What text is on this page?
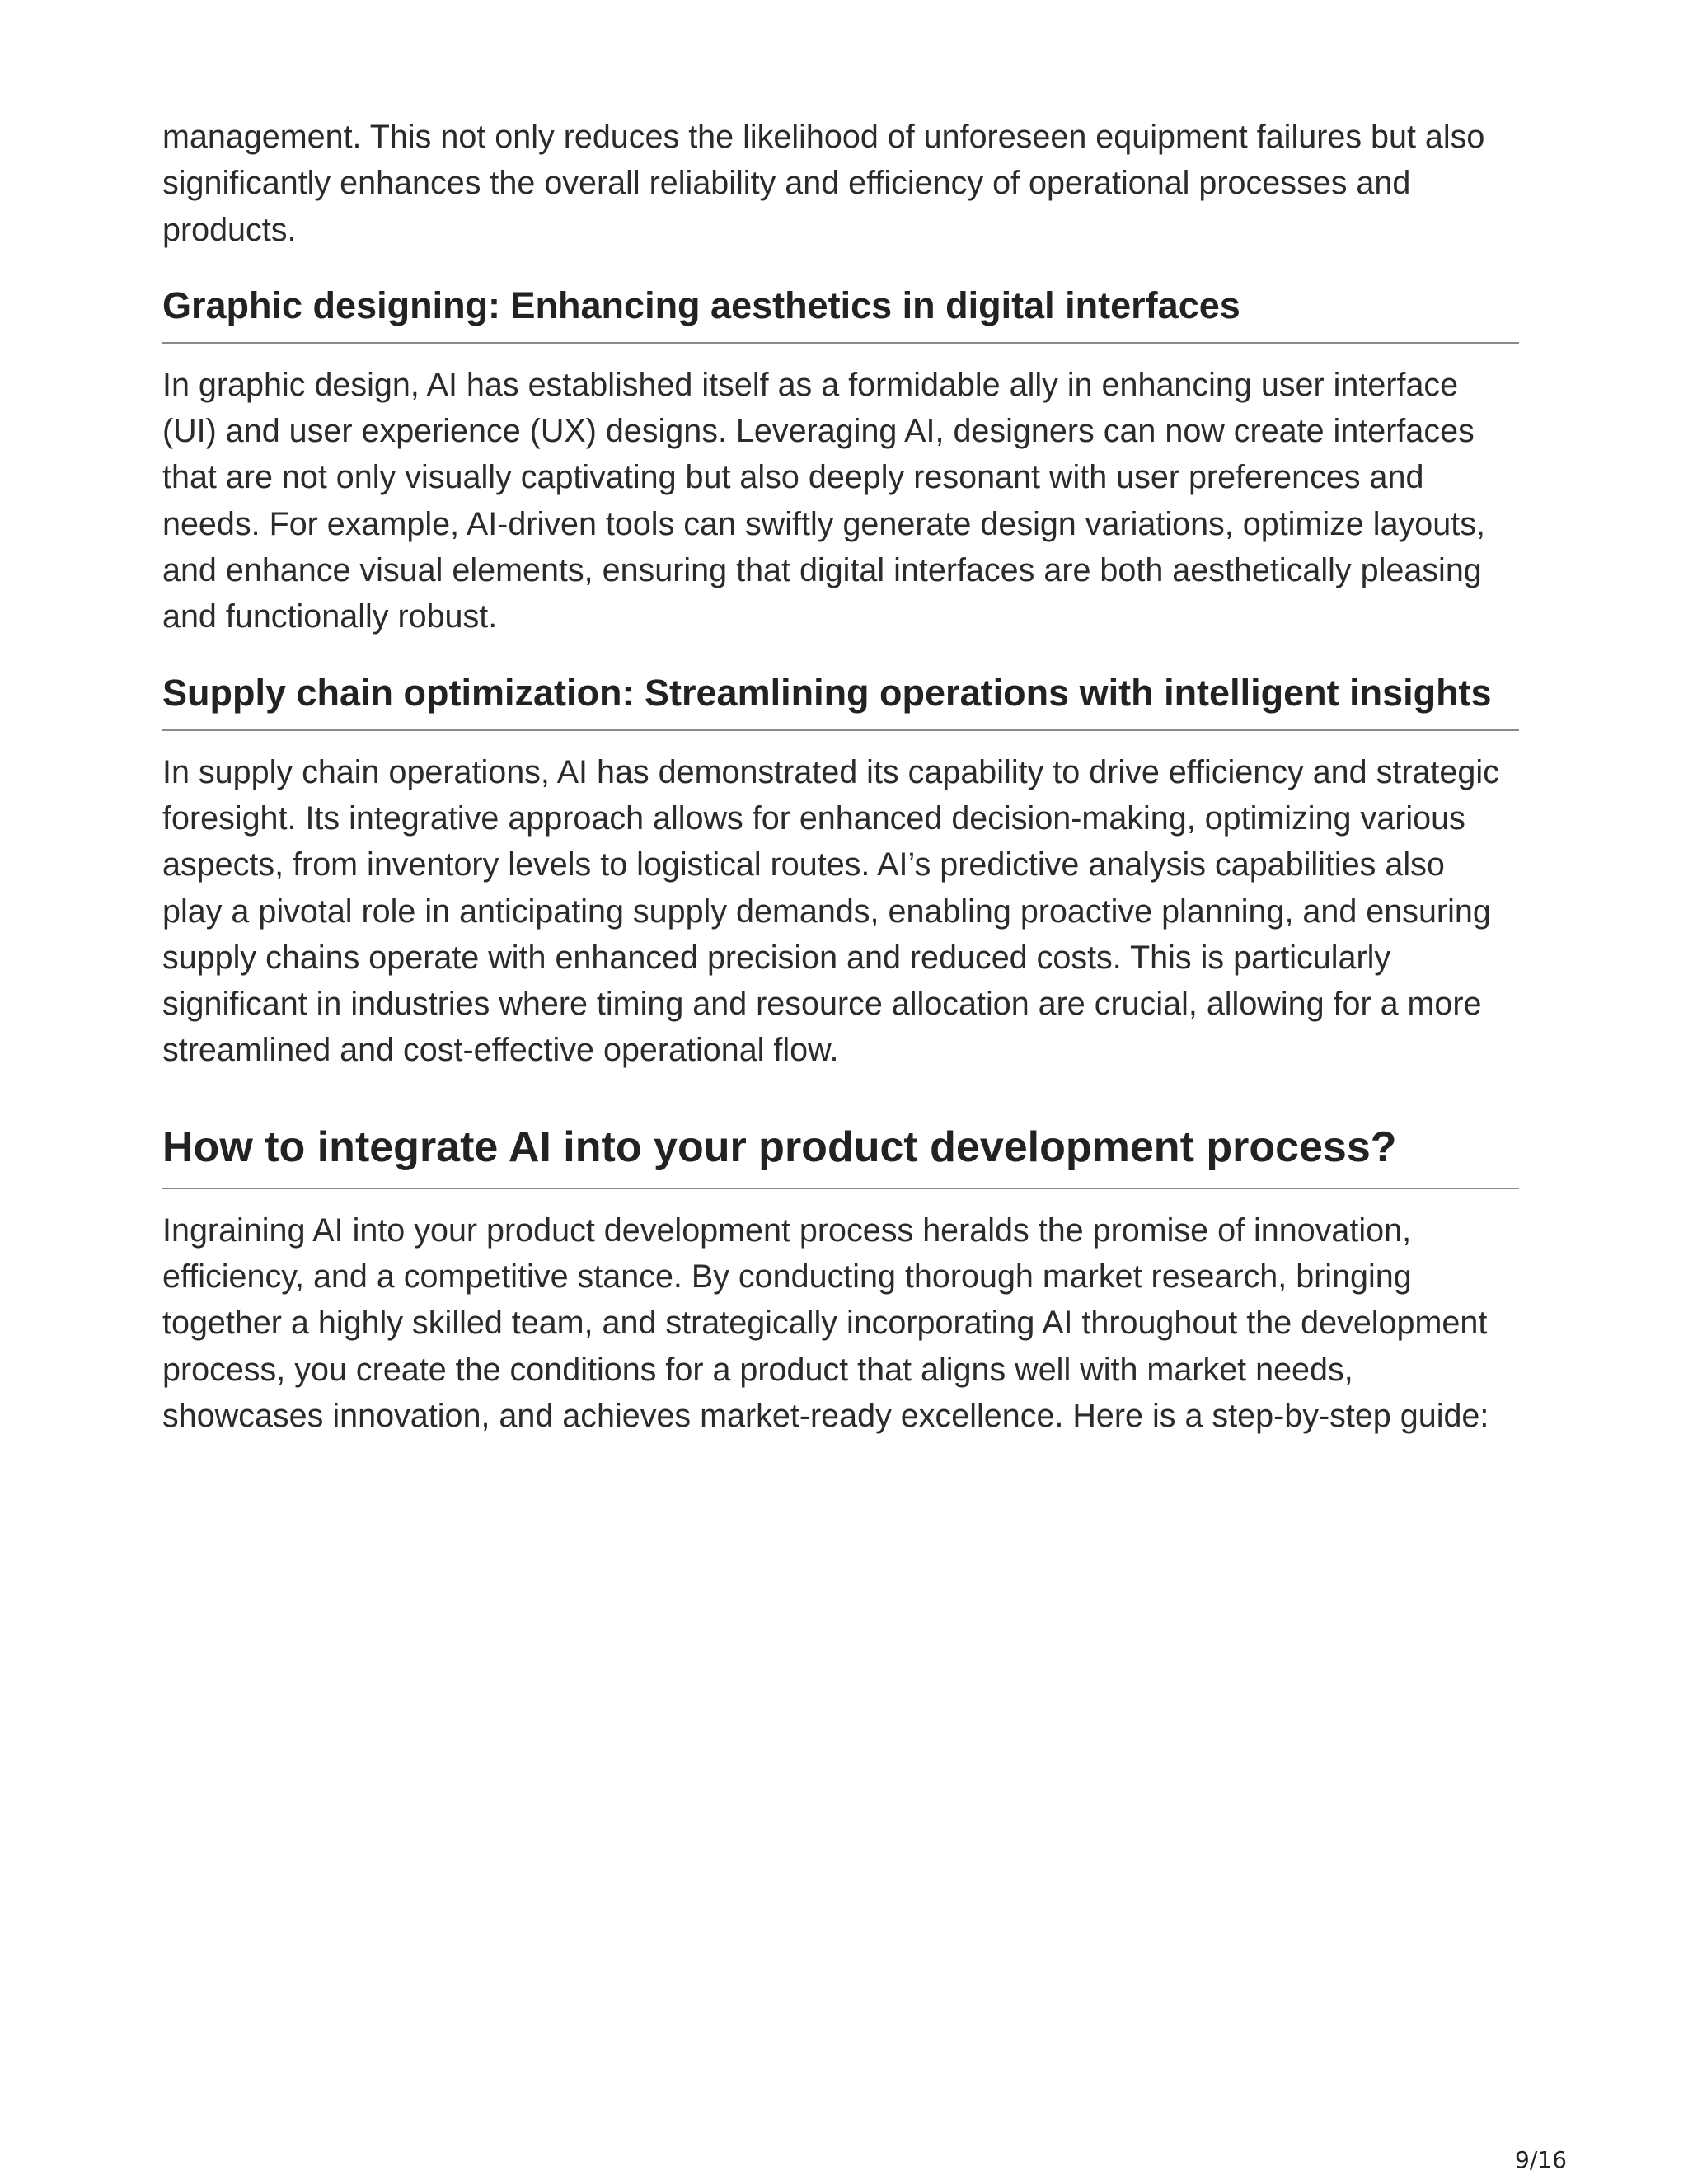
management. This not only reduces the likelihood of unforeseen equipment failures but also
significantly enhances the overall reliability and efficiency of operational processes and
products.

Graphic designing: Enhancing aesthetics in digital interfaces

In graphic design, AI has established itself as a formidable ally in enhancing user interface
(UI) and user experience (UX) designs. Leveraging AI, designers can now create interfaces
that are not only visually captivating but also deeply resonant with user preferences and
needs. For example, AI-driven tools can swiftly generate design variations, optimize layouts,
and enhance visual elements, ensuring that digital interfaces are both aesthetically pleasing
and functionally robust.

Supply chain optimization: Streamlining operations with intelligent insights

In supply chain operations, AI has demonstrated its capability to drive efficiency and strategic
foresight. Its integrative approach allows for enhanced decision-making, optimizing various
aspects, from inventory levels to logistical routes. AI’s predictive analysis capabilities also
play a pivotal role in anticipating supply demands, enabling proactive planning, and ensuring
supply chains operate with enhanced precision and reduced costs. This is particularly
significant in industries where timing and resource allocation are crucial, allowing for a more
streamlined and cost-effective operational flow.

How to integrate AI into your product development process?

Ingraining AI into your product development process heralds the promise of innovation,
efficiency, and a competitive stance. By conducting thorough market research, bringing
together a highly skilled team, and strategically incorporating AI throughout the development
process, you create the conditions for a product that aligns well with market needs,
showcases innovation, and achieves market-ready excellence. Here is a step-by-step guide:

9/16
